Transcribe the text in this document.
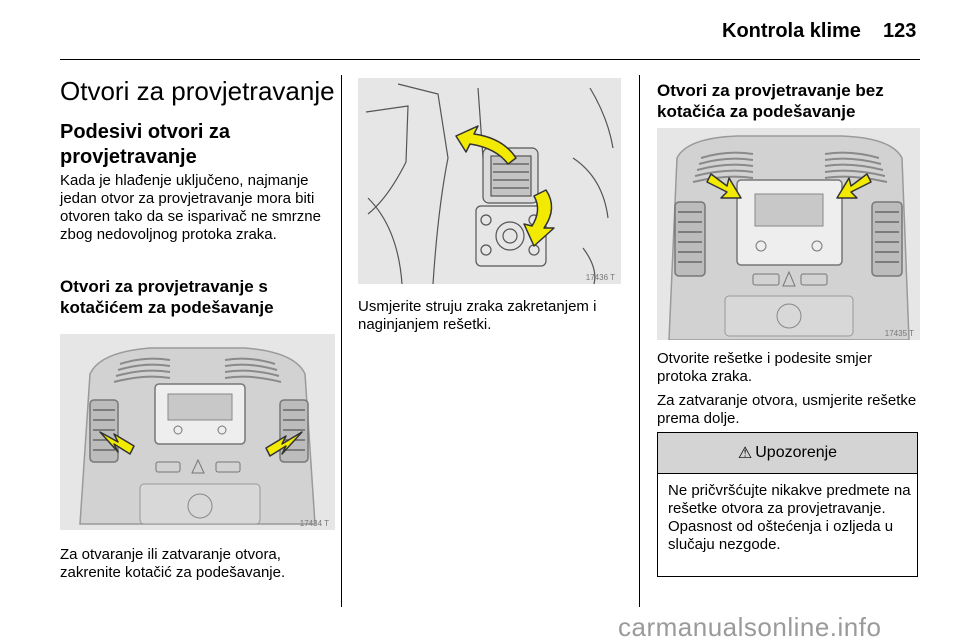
Kontrola klime 123
Otvori za provjetravanje
Podesivi otvori za provjetravanje
Kada je hlađenje uključeno, najmanje jedan otvor za provjetravanje mora biti otvoren tako da se isparivač ne smrzne zbog nedovoljnog protoka zraka.
Otvori za provjetravanje s kotačićem za podešavanje
17434 T
Za otvaranje ili zatvaranje otvora, zakrenite kotačić za podešavanje.
17436 T
Usmjerite struju zraka zakretanjem i naginjanjem rešetki.
Otvori za provjetravanje bez kotačića za podešavanje
17435 T
Otvorite rešetke i podesite smjer protoka zraka.
Za zatvaranje otvora, usmjerite rešetke prema dolje.
⚠ Upozorenje
Ne pričvršćujte nikakve predmete na rešetke otvora za provjetravanje. Opasnost od oštećenja i ozljeda u slučaju nezgode.
carmanualsonline.info
